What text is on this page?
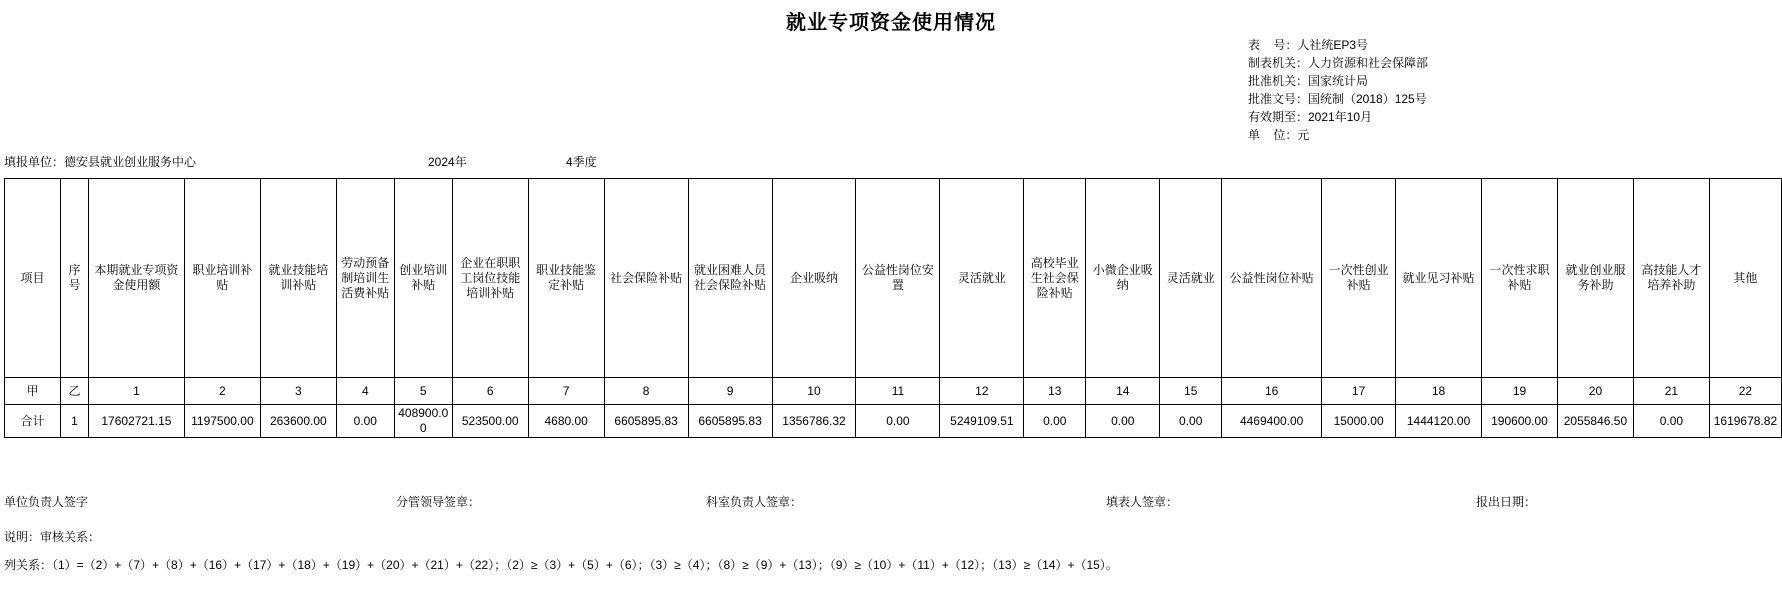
就业专项资金使用情况
表    号：人社统EP3号
制表机关：人力资源和社会保障部
批准机关：国家统计局
批准文号：国统制（2018）125号
有效期至：2021年10月
单    位：元
填报单位：德安县就业创业服务中心	2024年	4季度
项目	序号	本期就业专项资金使用额	职业培训补贴	就业技能培训补贴	劳动预备制培训生活费补贴	创业培训补贴	企业在职职工岗位技能培训补贴	职业技能鉴定补贴	社会保险补贴	就业困难人员社会保险补贴	企业吸纳	公益性岗位安置	灵活就业	高校毕业生社会保险补贴	小微企业吸纳	灵活就业	公益性岗位补贴	一次性创业补贴	就业见习补贴	一次性求职补贴	就业创业服务补助	高技能人才培养补助	其他
甲	乙	1	2	3	4	5	6	7	8	9	10	11	12	13	14	15	16	17	18	19	20	21	22
合计	1	17602721.15	1197500.00	263600.00	0.00	408900.00	523500.00	4680.00	6605895.83	6605895.83	1356786.32	0.00	5249109.51	0.00	0.00	0.00	4469400.00	15000.00	1444120.00	190600.00	2055846.50	0.00	1619678.82
单位负责人签字	分管领导签章：	科室负责人签章：	填表人签章：	报出日期：
说明：审核关系：
列关系：（1）=（2）+（7）+（8）+（16）+（17）+（18）+（19）+（20）+（21）+（22）；（2）≥（3）+（5）+（6）；（3）≥（4）；（8）≥（9）+（13）；（9）≥（10）+（11）+（12）；（13）≥（14）+（15）。
